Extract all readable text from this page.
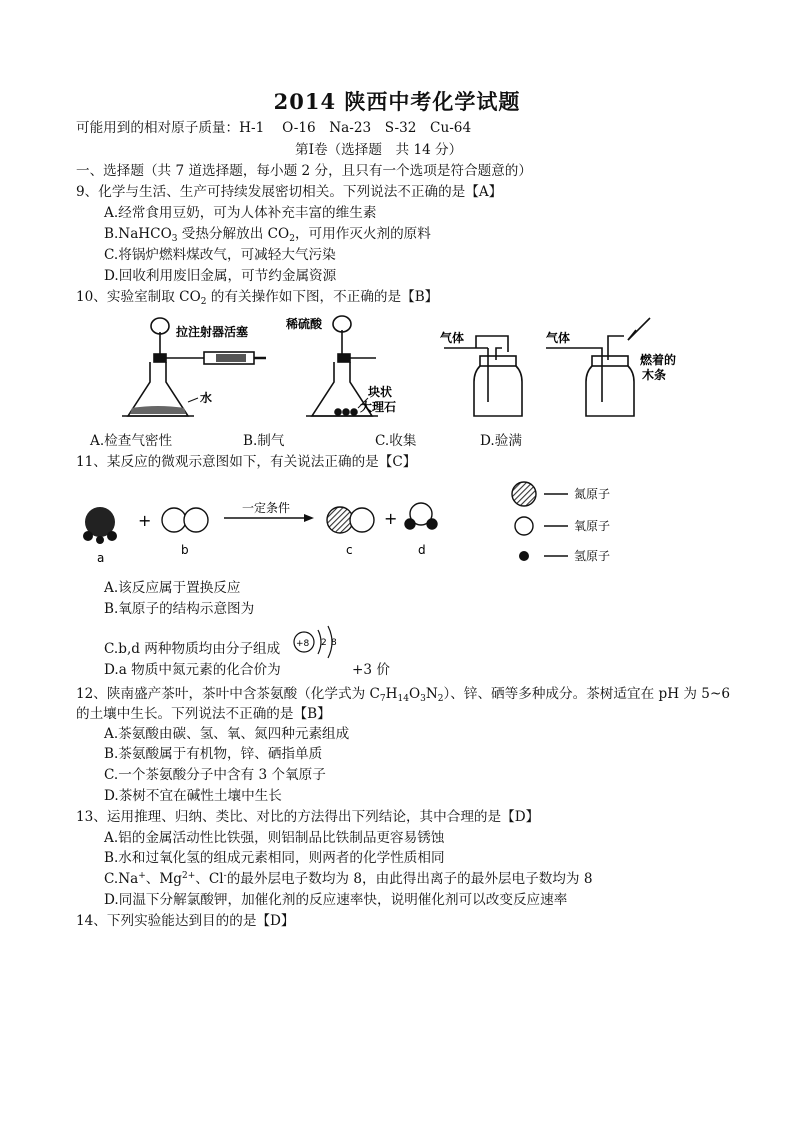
2014 陕西中考化学试题
可能用到的相对原子质量：H-1　 O-16　Na-23　S-32　Cu-64
第Ⅰ卷（选择题　共 14 分）
一、选择题（共 7 道选择题，每小题 2 分，且只有一个选项是符合题意的）
9、化学与生活、生产可持续发展密切相关。下列说法不正确的是【A】
A.经常食用豆奶，可为人体补充丰富的维生素
B.NaHCO$_3$ 受热分解放出 $CO_2$，可用作灭火剂的原料
C.将锅炉燃料煤改气，可减轻大气污染
D.回收利用废旧金属，可节约金属资源
10、实验室制取 $CO_2$ 的有关操作如下图，不正确的是【B】
拉注射器活塞
水
稀硫酸
块状
大理石
气体	气体
燃着的
木条
A.检查气密性	B.制气	C.收集	D.验满
11、某反应的微观示意图如下，有关说法正确的是【C】
a
+
b
一定条件
c
+
d
氮原子
氧原子
氢原子
A.该反应属于置换反应
B.氧原子的结构示意图为
+8 2 8
C.b,d 两种物质均由分子组成
D.a 物质中氮元素的化合价为	+3 价
12、陕南盛产茶叶，茶叶中含茶氨酸（化学式为 $C_7H_{14}O_3N_2$）、锌、硒等多种成分。茶树适宜在 pH 为 5~6
的土壤中生长。下列说法不正确的是【B】
A.茶氨酸由碳、氢、氧、氮四种元素组成
B.茶氨酸属于有机物，锌、硒指单质
C.一个茶氨酸分子中含有 3 个氧原子
D.茶树不宜在碱性土壤中生长
13、运用推理、归纳、类比、对比的方法得出下列结论，其中合理的是【D】
A.铝的金属活动性比铁强，则铝制品比铁制品更容易锈蚀
B.水和过氧化氢的组成元素相同，则两者的化学性质相同
C.Na+、$Mg^{2+}$、Cl-的最外层电子数均为 8，由此得出离子的最外层电子数均为 8
D.同温下分解氯酸钾，加催化剂的反应速率快，说明催化剂可以改变反应速率
14、下列实验能达到目的的是【D】
